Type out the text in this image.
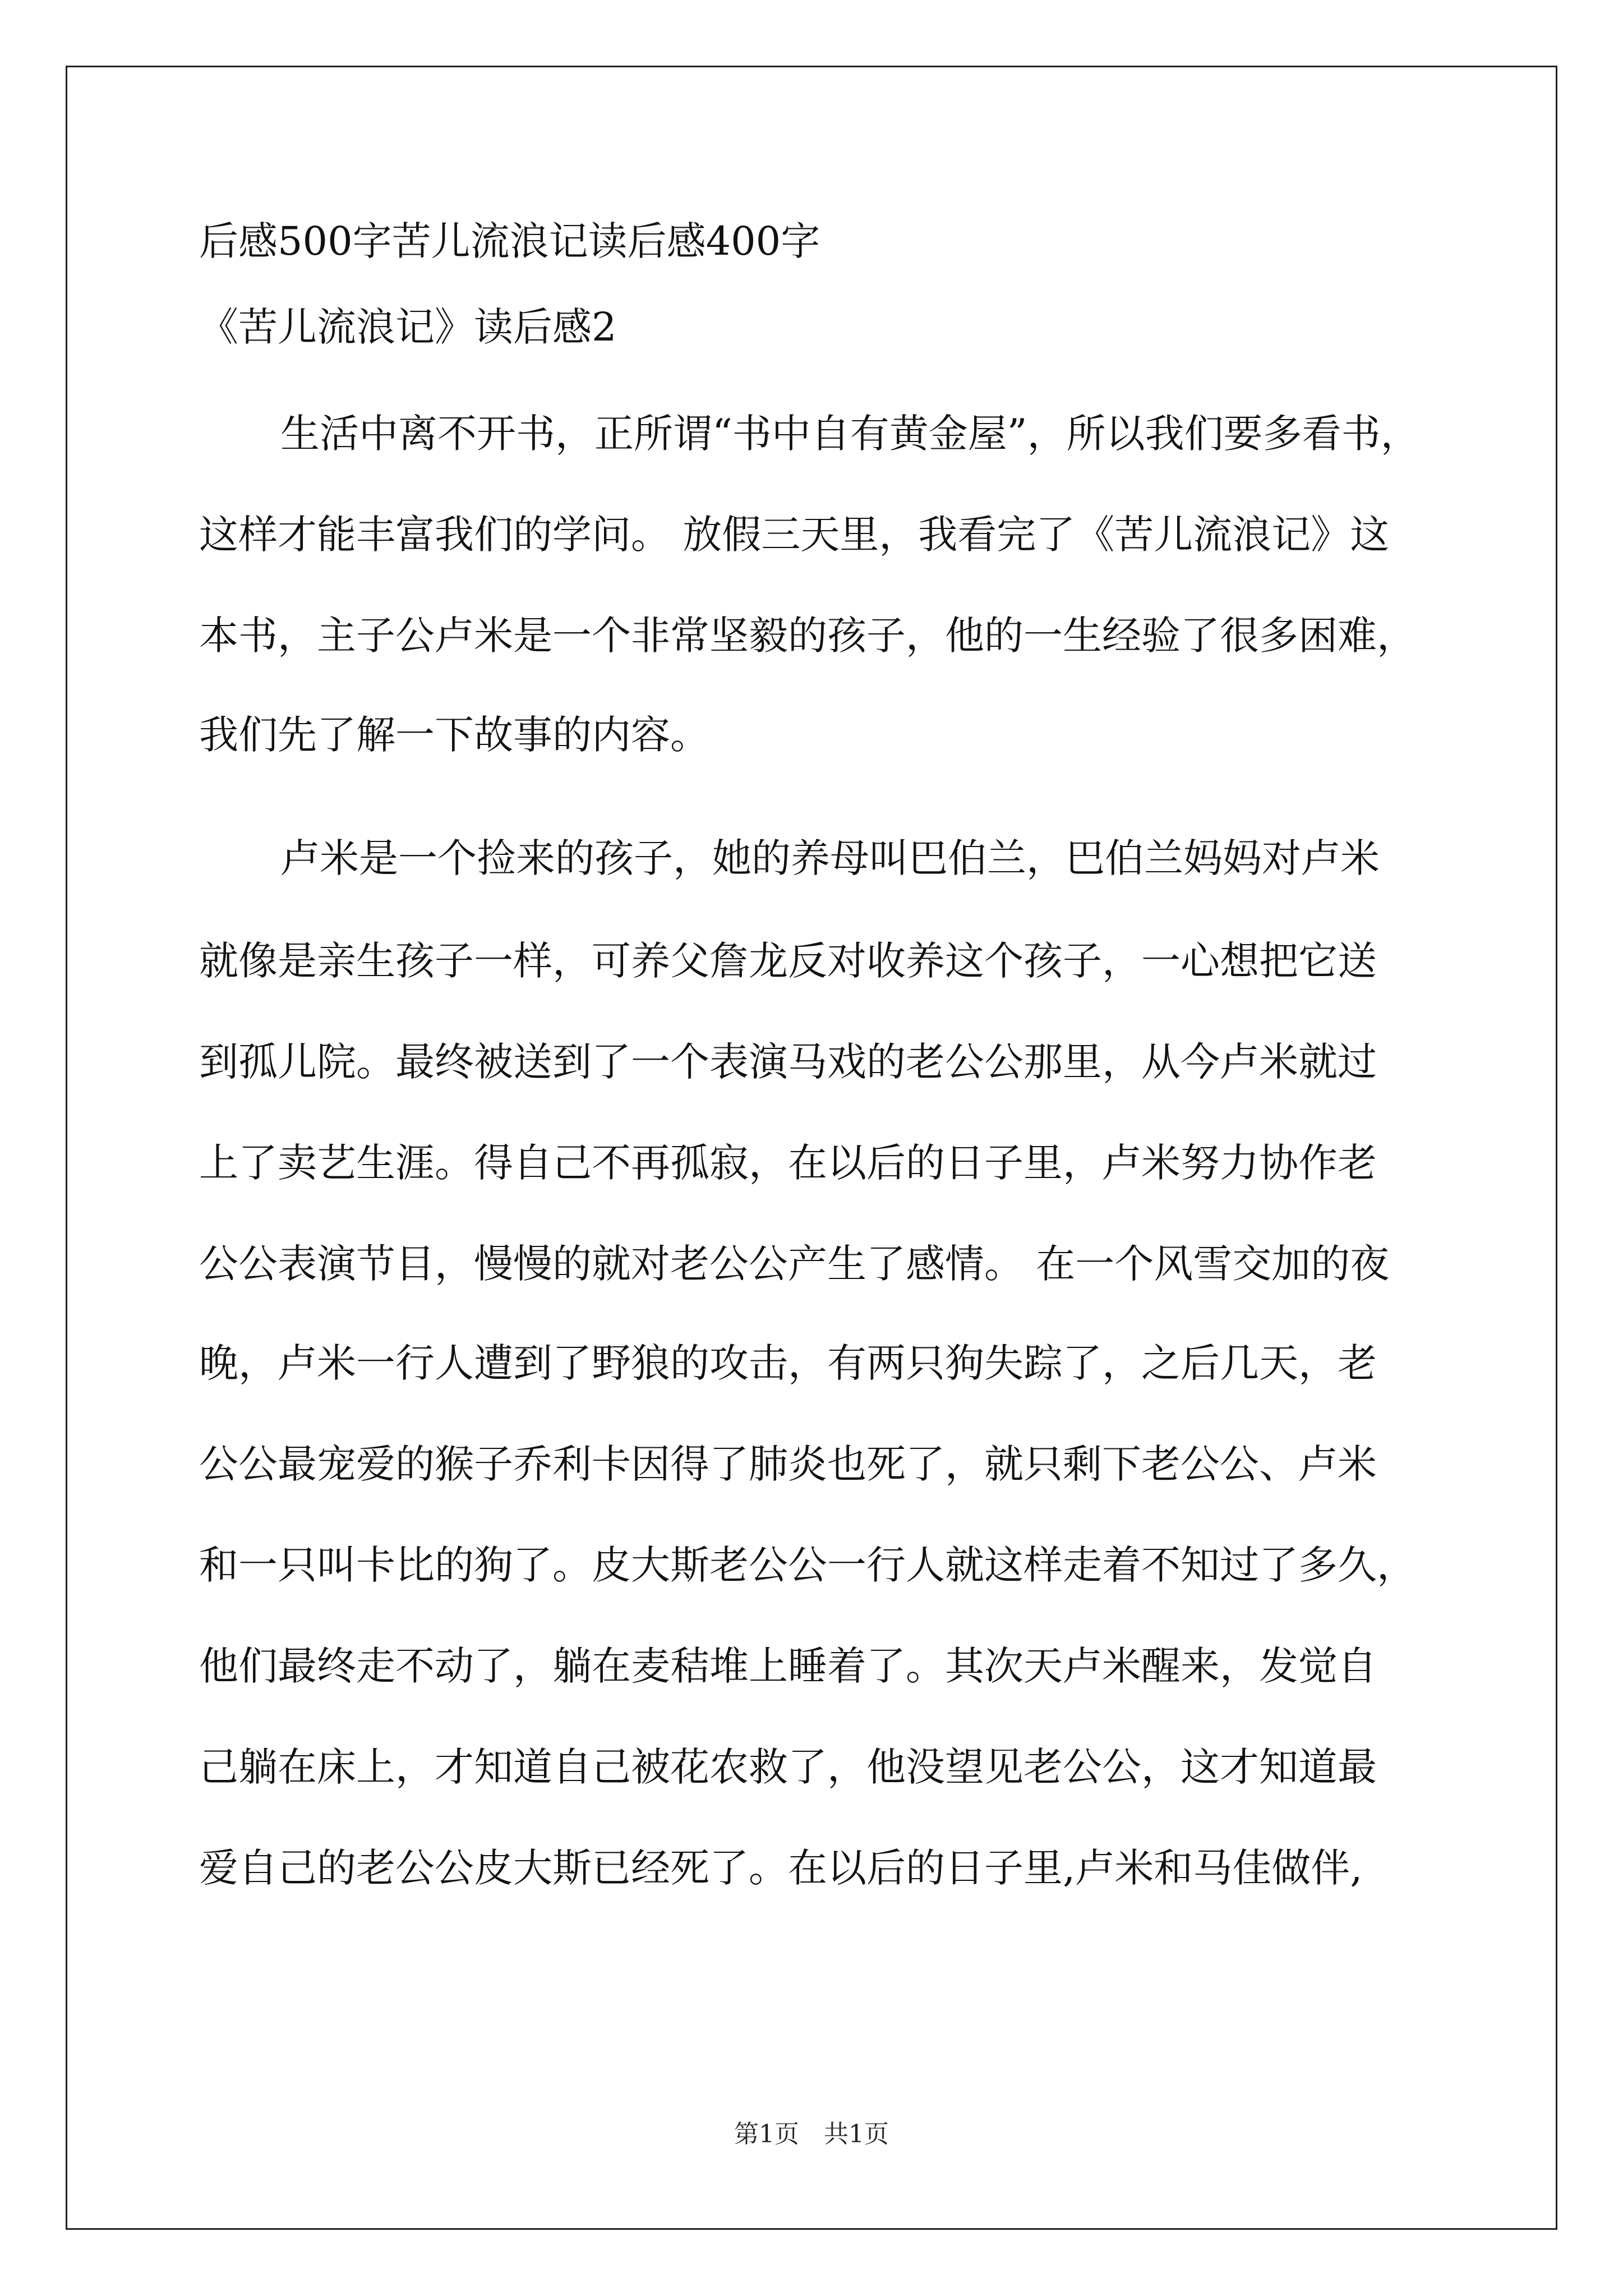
后感500字苦儿流浪记读后感400字
《苦儿流浪记》读后感2
生活中离不开书，正所谓“书中自有黄金屋”，所以我们要多看书，
这样才能丰富我们的学问。 放假三天里，我看完了《苦儿流浪记》这
本书，主子公卢米是一个非常坚毅的孩子，他的一生经验了很多困难，
我们先了解一下故事的内容。
卢米是一个捡来的孩子，她的养母叫巴伯兰，巴伯兰妈妈对卢米
就像是亲生孩子一样，可养父詹龙反对收养这个孩子，一心想把它送
到孤儿院。最终被送到了一个表演马戏的老公公那里，从今卢米就过
上了卖艺生涯。得自己不再孤寂，在以后的日子里，卢米努力协作老
公公表演节目，慢慢的就对老公公产生了感情。 在一个风雪交加的夜
晚，卢米一行人遭到了野狼的攻击，有两只狗失踪了，之后几天，老
公公最宠爱的猴子乔利卡因得了肺炎也死了，就只剩下老公公、卢米
和一只叫卡比的狗了。皮大斯老公公一行人就这样走着不知过了多久，
他们最终走不动了，躺在麦秸堆上睡着了。其次天卢米醒来，发觉自
己躺在床上，才知道自己被花农救了，他没望见老公公，这才知道最
爱自己的老公公皮大斯已经死了。在以后的日子里,卢米和马佳做伴,
第1页　共1页
